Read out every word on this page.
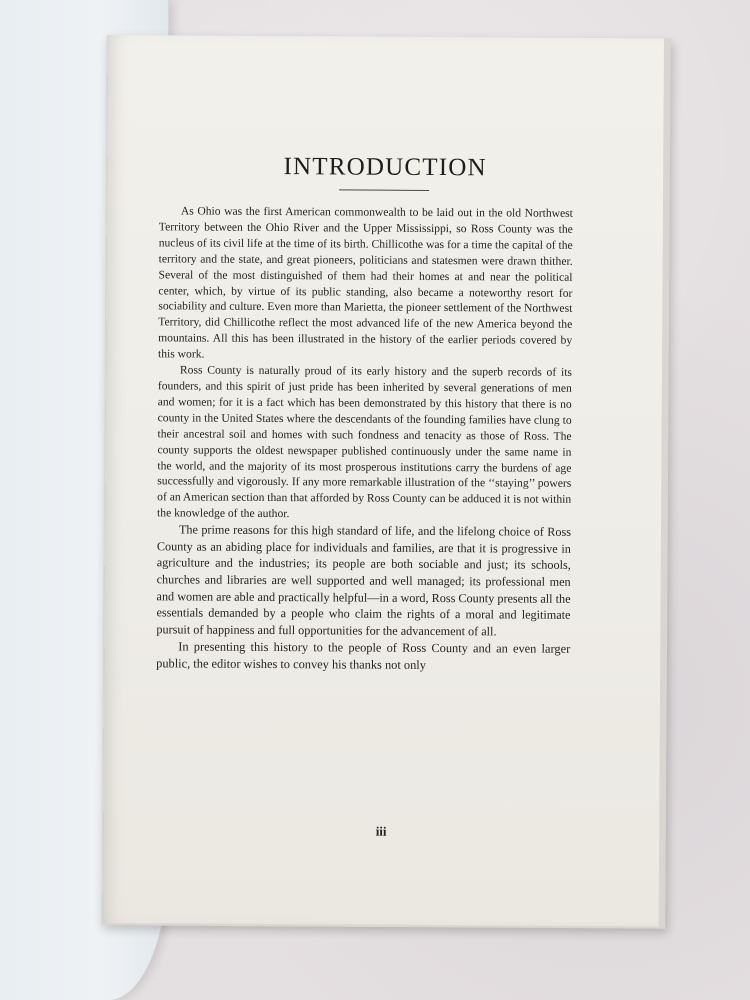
INTRODUCTION

As Ohio was the first American commonwealth to be laid out in the old Northwest Territory between the Ohio River and the Upper Mississippi, so Ross County was the nucleus of its civil life at the time of its birth. Chillicothe was for a time the capital of the territory and the state, and great pioneers, politicians and statesmen were drawn thither. Several of the most distinguished of them had their homes at and near the political center, which, by virtue of its public standing, also became a noteworthy resort for sociability and culture. Even more than Marietta, the pioneer settlement of the Northwest Territory, did Chillicothe reflect the most advanced life of the new America beyond the mountains. All this has been illustrated in the history of the earlier periods covered by this work.

Ross County is naturally proud of its early history and the superb records of its founders, and this spirit of just pride has been inherited by several generations of men and women; for it is a fact which has been demonstrated by this history that there is no county in the United States where the descendants of the founding families have clung to their ancestral soil and homes with such fondness and tenacity as those of Ross. The county supports the oldest newspaper published continuously under the same name in the world, and the majority of its most prosperous institutions carry the burdens of age successfully and vigorously. If any more remarkable illustration of the ‘‘staying’’ powers of an American section than that afforded by Ross County can be adduced it is not within the knowledge of the author.

The prime reasons for this high standard of life, and the lifelong choice of Ross County as an abiding place for individuals and families, are that it is progressive in agriculture and the industries; its people are both sociable and just; its schools, churches and libraries are well supported and well managed; its professional men and women are able and practically helpful—in a word, Ross County presents all the essentials demanded by a people who claim the rights of a moral and legitimate pursuit of happiness and full opportunities for the advancement of all.

In presenting this history to the people of Ross County and an even larger public, the editor wishes to convey his thanks not only

iii
